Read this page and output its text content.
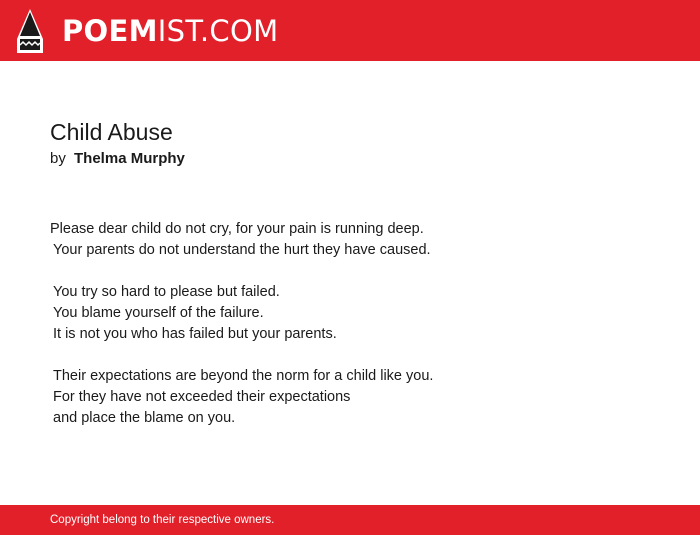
POEMIST.COM
Child Abuse
by Thelma Murphy
Please dear child do not cry, for your pain is running deep.
Your parents do not understand the hurt they have caused.
You try so hard to please but failed.
You blame yourself of the failure.
It is not you who has failed but your parents.
Their expectations are beyond the norm for a child like you.
For they have not exceeded their expectations
and place the blame on you.
Copyright belong to their respective owners.
